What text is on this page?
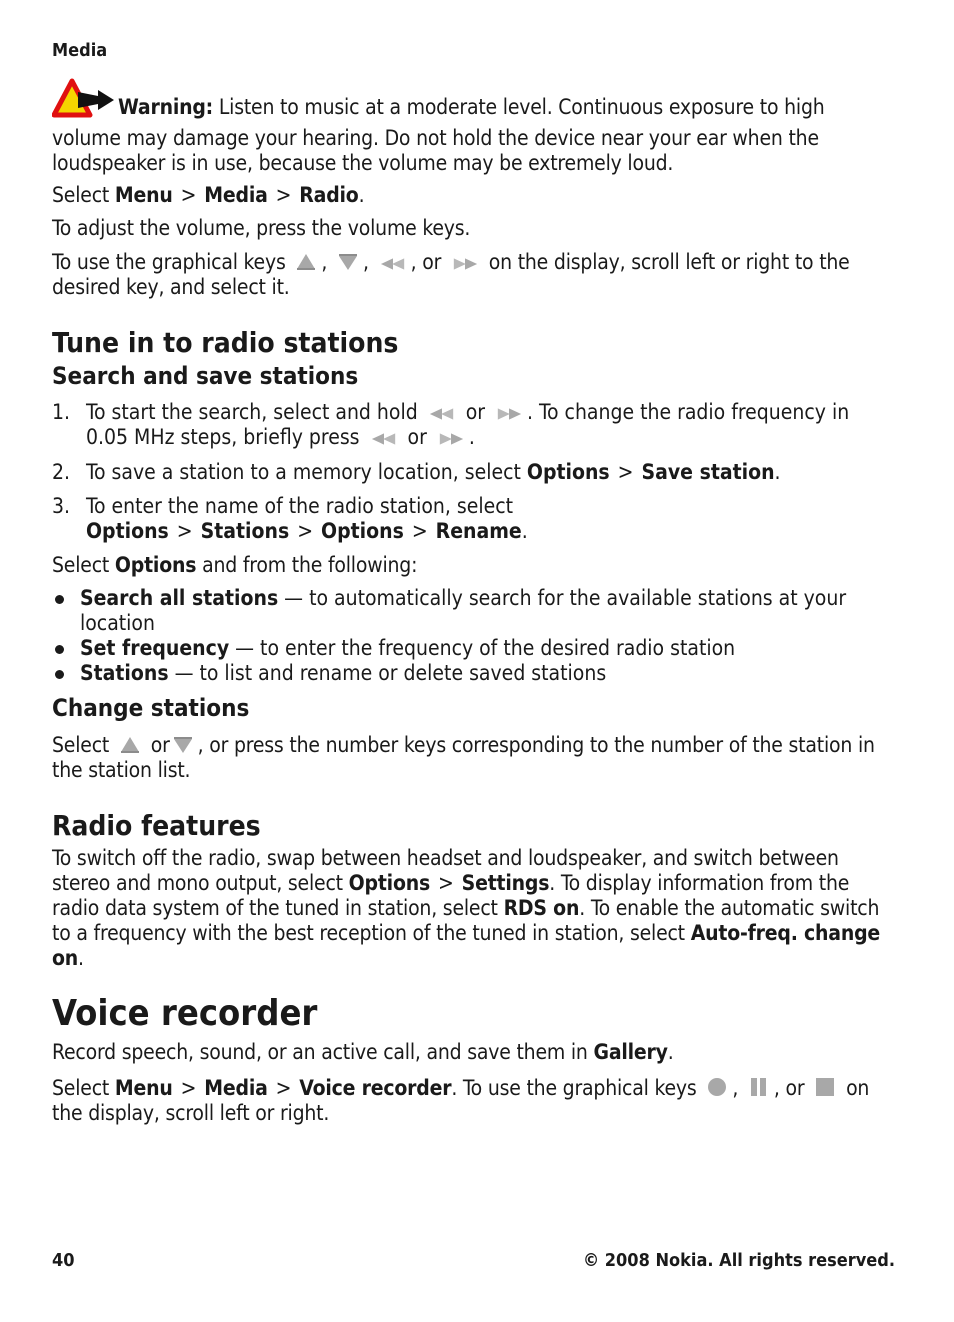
Media

Warning: Listen to music at a moderate level. Continuous exposure to high volume may damage your hearing. Do not hold the device near your ear when the loudspeaker is in use, because the volume may be extremely loud.

Select Menu > Media > Radio.

To adjust the volume, press the volume keys.

To use the graphical keys , , , or on the display, scroll left or right to the desired key, and select it.

Tune in to radio stations
Search and save stations
1. To start the search, select and hold or . To change the radio frequency in 0.05 MHz steps, briefly press or .
2. To save a station to a memory location, select Options > Save station.
3. To enter the name of the radio station, select Options > Stations > Options > Rename.

Select Options and from the following:

Search all stations — to automatically search for the available stations at your location
Set frequency — to enter the frequency of the desired radio station
Stations — to list and rename or delete saved stations
Change stations

Select or , or press the number keys corresponding to the number of the station in the station list.

Radio features

To switch off the radio, swap between headset and loudspeaker, and switch between stereo and mono output, select Options > Settings. To display information from the radio data system of the tuned in station, select RDS on. To enable the automatic switch to a frequency with the best reception of the tuned in station, select Auto-freq. change on.

Voice recorder

Record speech, sound, or an active call, and save them in Gallery.

Select Menu > Media > Voice recorder. To use the graphical keys , , or on the display, scroll left or right.

40	© 2008 Nokia. All rights reserved.
